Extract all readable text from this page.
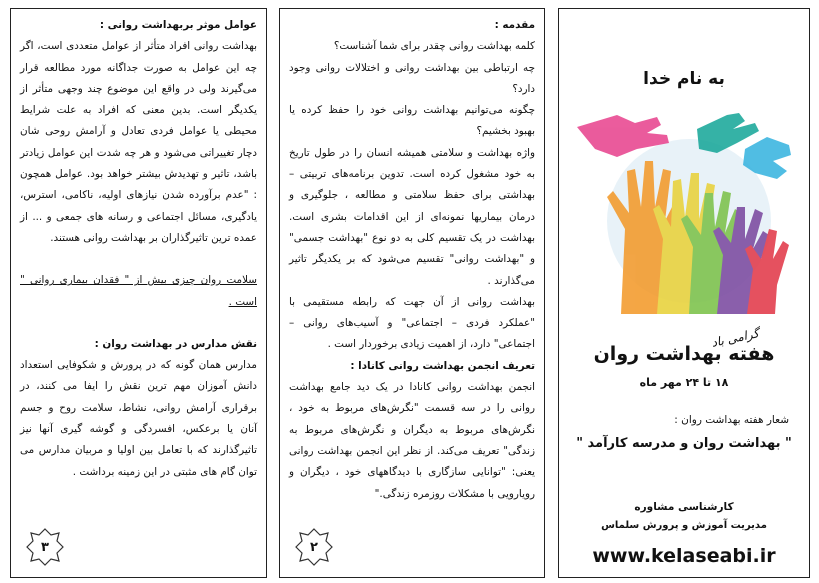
عوامل موثر بربهداشت روانی :

بهداشت روانی افراد متأثر از عوامل متعددی است، اگر چه این عوامل به صورت جداگانه مورد مطالعه قرار می‌گیرند ولی در واقع این موضوع چند وجهی متأثر از یکدیگر است. بدین معنی که افراد به علت شرایط محیطی یا عوامل فردی تعادل و آرامش روحی شان دچار تغییراتی می‌شود و هر چه شدت این عوامل زیادتر باشد، تاثیر و تهدیدش بیشتر خواهد بود. عوامل همچون : "عدم برآورده شدن نیازهای اولیه، ناکامی، استرس، یادگیری، مسائل اجتماعی و رسانه های جمعی و ... از عمده ترین تاثیرگذاران بر بهداشت روانی هستند.

سلامت روان چیزی بیش از " فقدان بیماری روانی " است .

نقش مدارس در بهداشت روان :

مدارس همان گونه که در پرورش و شکوفایی استعداد دانش آموزان مهم ترین نقش را ایفا می کنند، در برقراری آرامش روانی، نشاط، سلامت روح و جسم آنان یا برعکس، افسردگی و گوشه گیری آنها نیز تاثیرگذارند که با تعامل بین اولیا و مربیان مدارس می توان گام های مثبتی در این زمینه برداشت .

۳

مقدمه :

کلمه بهداشت روانی چقدر برای شما آشناست؟

چه ارتباطی بین بهداشت روانی و اختلالات روانی وجود دارد؟

چگونه می‌توانیم بهداشت روانی خود را حفظ کرده یا بهبود بخشیم؟

واژه بهداشت و سلامتی همیشه انسان را در طول تاریخ به خود مشغول کرده است. تدوین برنامه‌های تربیتی – بهداشتی برای حفظ سلامتی و مطالعه ، جلوگیری و درمان بیماریها نمونه‌ای از این اقدامات بشری است. بهداشت در یک تقسیم کلی به دو نوع "بهداشت جسمی" و "بهداشت روانی" تقسیم می‌شود که بر یکدیگر تاثیر می‌گذارند .

بهداشت روانی از آن جهت که رابطه مستقیمی با "عملکرد فردی – اجتماعی" و آسیب‌های روانی – اجتماعی" دارد، از اهمیت زیادی برخوردار است .

تعریف انجمن بهداشت روانی کانادا :

انجمن بهداشت روانی کانادا در یک دید جامع بهداشت روانی را در سه قسمت "نگرش‌های مربوط به خود ، نگرش‌های مربوط به دیگران و نگرش‌های مربوط به زندگی" تعریف می‌کند. از نظر این انجمن بهداشت روانی یعنی: "توانایی سازگاری با دیدگاههای خود ، دیگران و رویارویی با مشکلات روزمره زندگی."

۲
به نام خدا
گرامی باد
هفته بهداشت روان
۱۸ تا ۲۴ مهر ماه
شعار هفته بهداشت روان :
" بهداشت روان و مدرسه کارآمد "
کارشناسی مشاوره
مدیریت آموزش و پرورش سلماس
www.kelaseabi.ir
